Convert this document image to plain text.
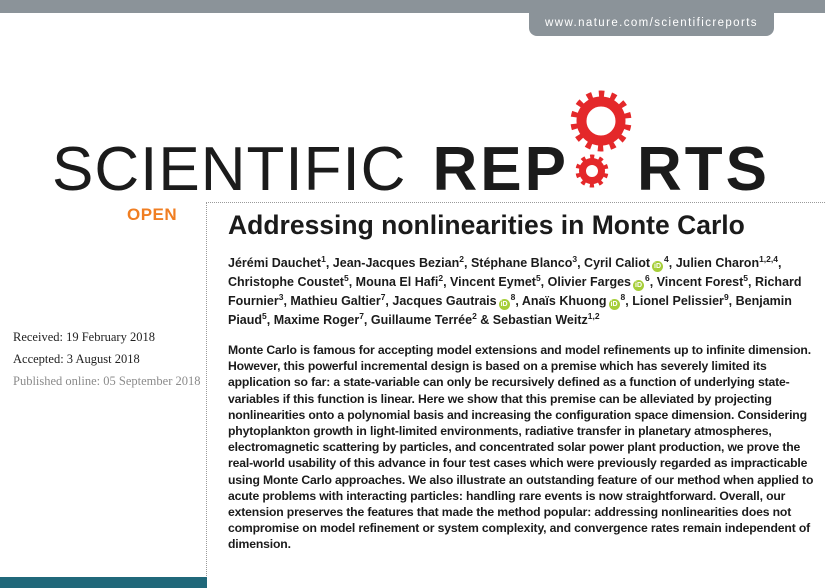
www.nature.com/scientificreports
SCIENTIFIC REP RTS
OPEN
Received: 19 February 2018
Accepted: 3 August 2018
Published online: 05 September 2018
Addressing nonlinearities in Monte Carlo
Jérémi Dauchet$^1$, Jean-Jacques Bezian$^2$, Stéphane Blanco$^3$, Cyril Caliot $iD^4$, Julien Charon$^{1,2,4}$, Christophe Coustet$^5$, Mouna El Hafi$^2$, Vincent Eymet$^5$, Olivier Farges $iD^6$, Vincent Forest$^5$, Richard Fournier$^3$, Mathieu Galtier$^7$, Jacques Gautrais $iD^8$, Anaïs Khuong $iD^8$, Lionel Pelissier$^9$, Benjamin Piaud$^5$, Maxime Roger$^7$, Guillaume Terrée$^2$ & Sebastian Weitz$^{1,2}$
Monte Carlo is famous for accepting model extensions and model refinements up to infinite dimension. However, this powerful incremental design is based on a premise which has severely limited its application so far: a state-variable can only be recursively defined as a function of underlying state-variables if this function is linear. Here we show that this premise can be alleviated by projecting nonlinearities onto a polynomial basis and increasing the configuration space dimension. Considering phytoplankton growth in light-limited environments, radiative transfer in planetary atmospheres, electromagnetic scattering by particles, and concentrated solar power plant production, we prove the real-world usability of this advance in four test cases which were previously regarded as impracticable using Monte Carlo approaches. We also illustrate an outstanding feature of our method when applied to acute problems with interacting particles: handling rare events is now straightforward. Overall, our extension preserves the features that made the method popular: addressing nonlinearities does not compromise on model refinement or system complexity, and convergence rates remain independent of dimension.
